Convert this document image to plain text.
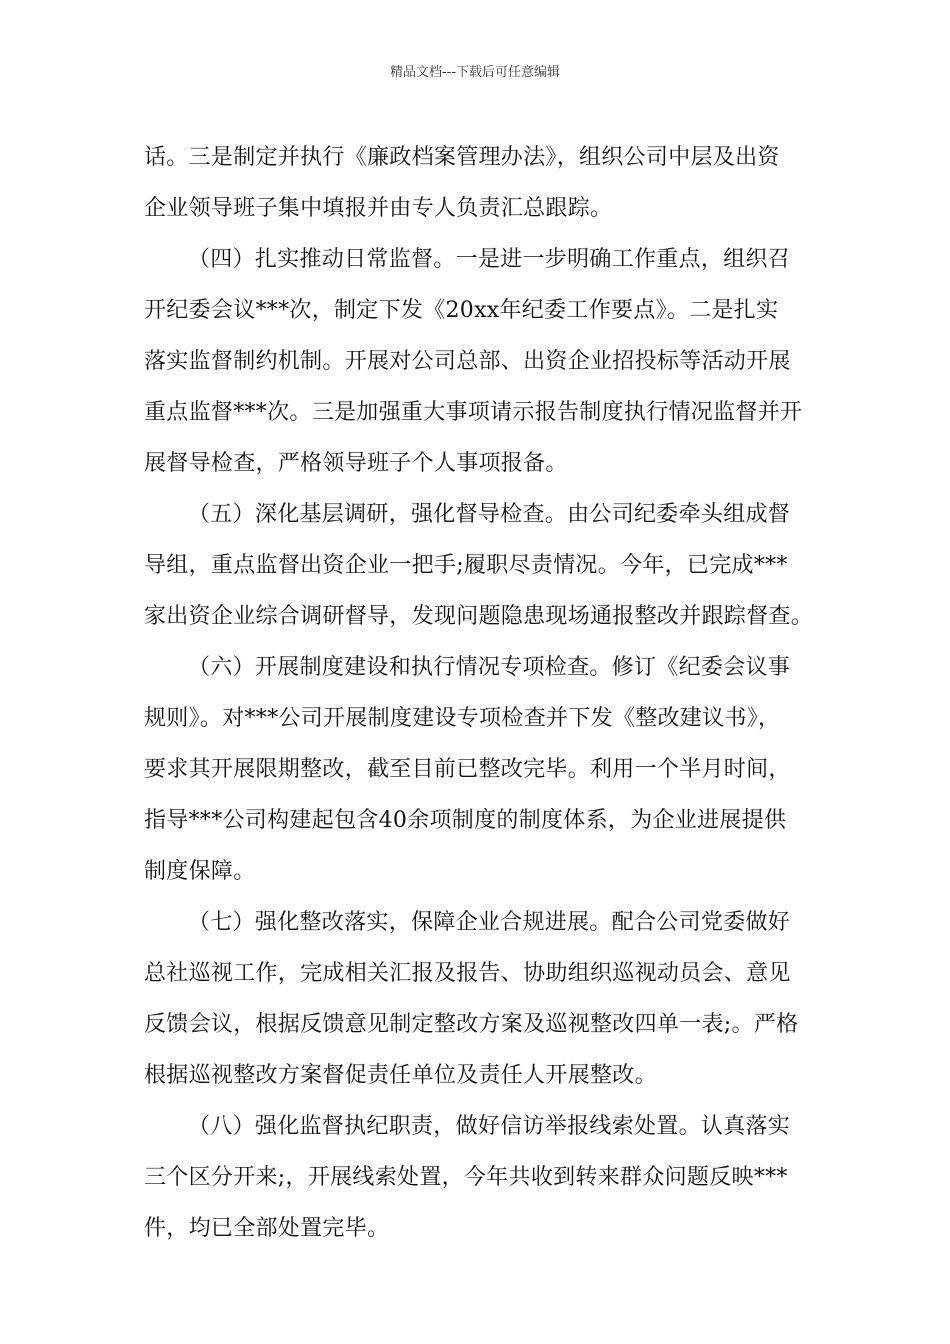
精品文档---下载后可任意编辑
话。三是制定并执行《廉政档案管理办法》，组织公司中层及出资
企业领导班子集中填报并由专人负责汇总跟踪。
（四）扎实推动日常监督。一是进一步明确工作重点，组织召
开纪委会议***次，制定下发《20xx年纪委工作要点》。二是扎实
落实监督制约机制。开展对公司总部、出资企业招投标等活动开展
重点监督***次。三是加强重大事项请示报告制度执行情况监督并开
展督导检查，严格领导班子个人事项报备。
（五）深化基层调研，强化督导检查。由公司纪委牵头组成督
导组，重点监督出资企业一把手;履职尽责情况。今年，已完成***
家出资企业综合调研督导，发现问题隐患现场通报整改并跟踪督查。
（六）开展制度建设和执行情况专项检查。修订《纪委会议事
规则》。对***公司开展制度建设专项检查并下发《整改建议书》，
要求其开展限期整改，截至目前已整改完毕。利用一个半月时间，
指导***公司构建起包含40余项制度的制度体系，为企业进展提供
制度保障。
（七）强化整改落实，保障企业合规进展。配合公司党委做好
总社巡视工作，完成相关汇报及报告、协助组织巡视动员会、意见
反馈会议，根据反馈意见制定整改方案及巡视整改四单一表;。严格
根据巡视整改方案督促责任单位及责任人开展整改。
（八）强化监督执纪职责，做好信访举报线索处置。认真落实
三个区分开来;，开展线索处置，今年共收到转来群众问题反映***
件，均已全部处置完毕。
